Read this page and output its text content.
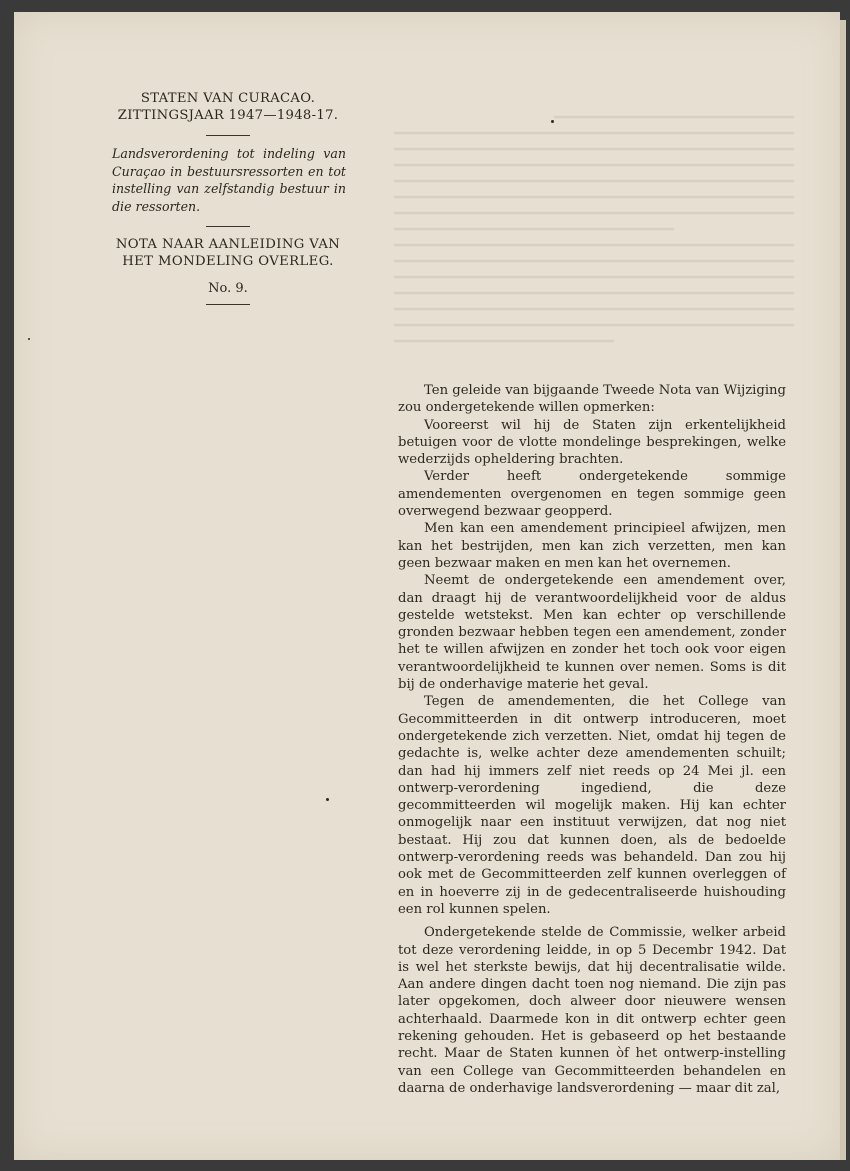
STATEN VAN CURACAO.
ZITTINGSJAAR 1947—1948-17.
Landsverordening tot indeling van Curaçao in bestuursressorten en tot instelling van zelfstandig bestuur in die ressorten.
NOTA NAAR AANLEIDING VAN
HET MONDELING OVERLEG.
No. 9.

Ten geleide van bijgaande Tweede Nota van Wijziging zou ondergetekende willen opmerken:

Vooreerst wil hij de Staten zijn erkentelijkheid betuigen voor de vlotte mondelinge besprekingen, welke wederzijds opheldering brachten.

Verder heeft ondergetekende sommige amendementen overgenomen en tegen sommige geen overwegend bezwaar geopperd.

Men kan een amendement principieel afwijzen, men kan het bestrijden, men kan zich verzetten, men kan geen bezwaar maken en men kan het overnemen.

Neemt de ondergetekende een amendement over, dan draagt hij de verantwoordelijkheid voor de aldus gestelde wetstekst. Men kan echter op verschillende gronden bezwaar hebben tegen een amendement, zonder het te willen afwijzen en zonder het toch ook voor eigen verantwoordelijkheid te kunnen over nemen. Soms is dit bij de onderhavige materie het geval.

Tegen de amendementen, die het College van Gecommitteerden in dit ontwerp introduceren, moet ondergetekende zich verzetten. Niet, omdat hij tegen de gedachte is, welke achter deze amendementen schuilt; dan had hij immers zelf niet reeds op 24 Mei jl. een ontwerp-verordening ingediend, die deze gecommitteerden wil mogelijk maken. Hij kan echter onmogelijk naar een instituut verwijzen, dat nog niet bestaat. Hij zou dat kunnen doen, als de bedoelde ontwerp-verordening reeds was behandeld. Dan zou hij ook met de Gecommitteerden zelf kunnen overleggen of en in hoeverre zij in de gedecentraliseerde huishouding een rol kunnen spelen.

Ondergetekende stelde de Commissie, welker arbeid tot deze verordening leidde, in op 5 Decembr 1942. Dat is wel het sterkste bewijs, dat hij decentralisatie wilde. Aan andere dingen dacht toen nog niemand. Die zijn pas later opgekomen, doch alweer door nieuwere wensen achterhaald. Daarmede kon in dit ontwerp echter geen rekening gehouden. Het is gebaseerd op het bestaande recht. Maar de Staten kunnen òf het ontwerp-instelling van een College van Gecommitteerden behandelen en daarna de onderhavige landsverordening — maar dit zal,
